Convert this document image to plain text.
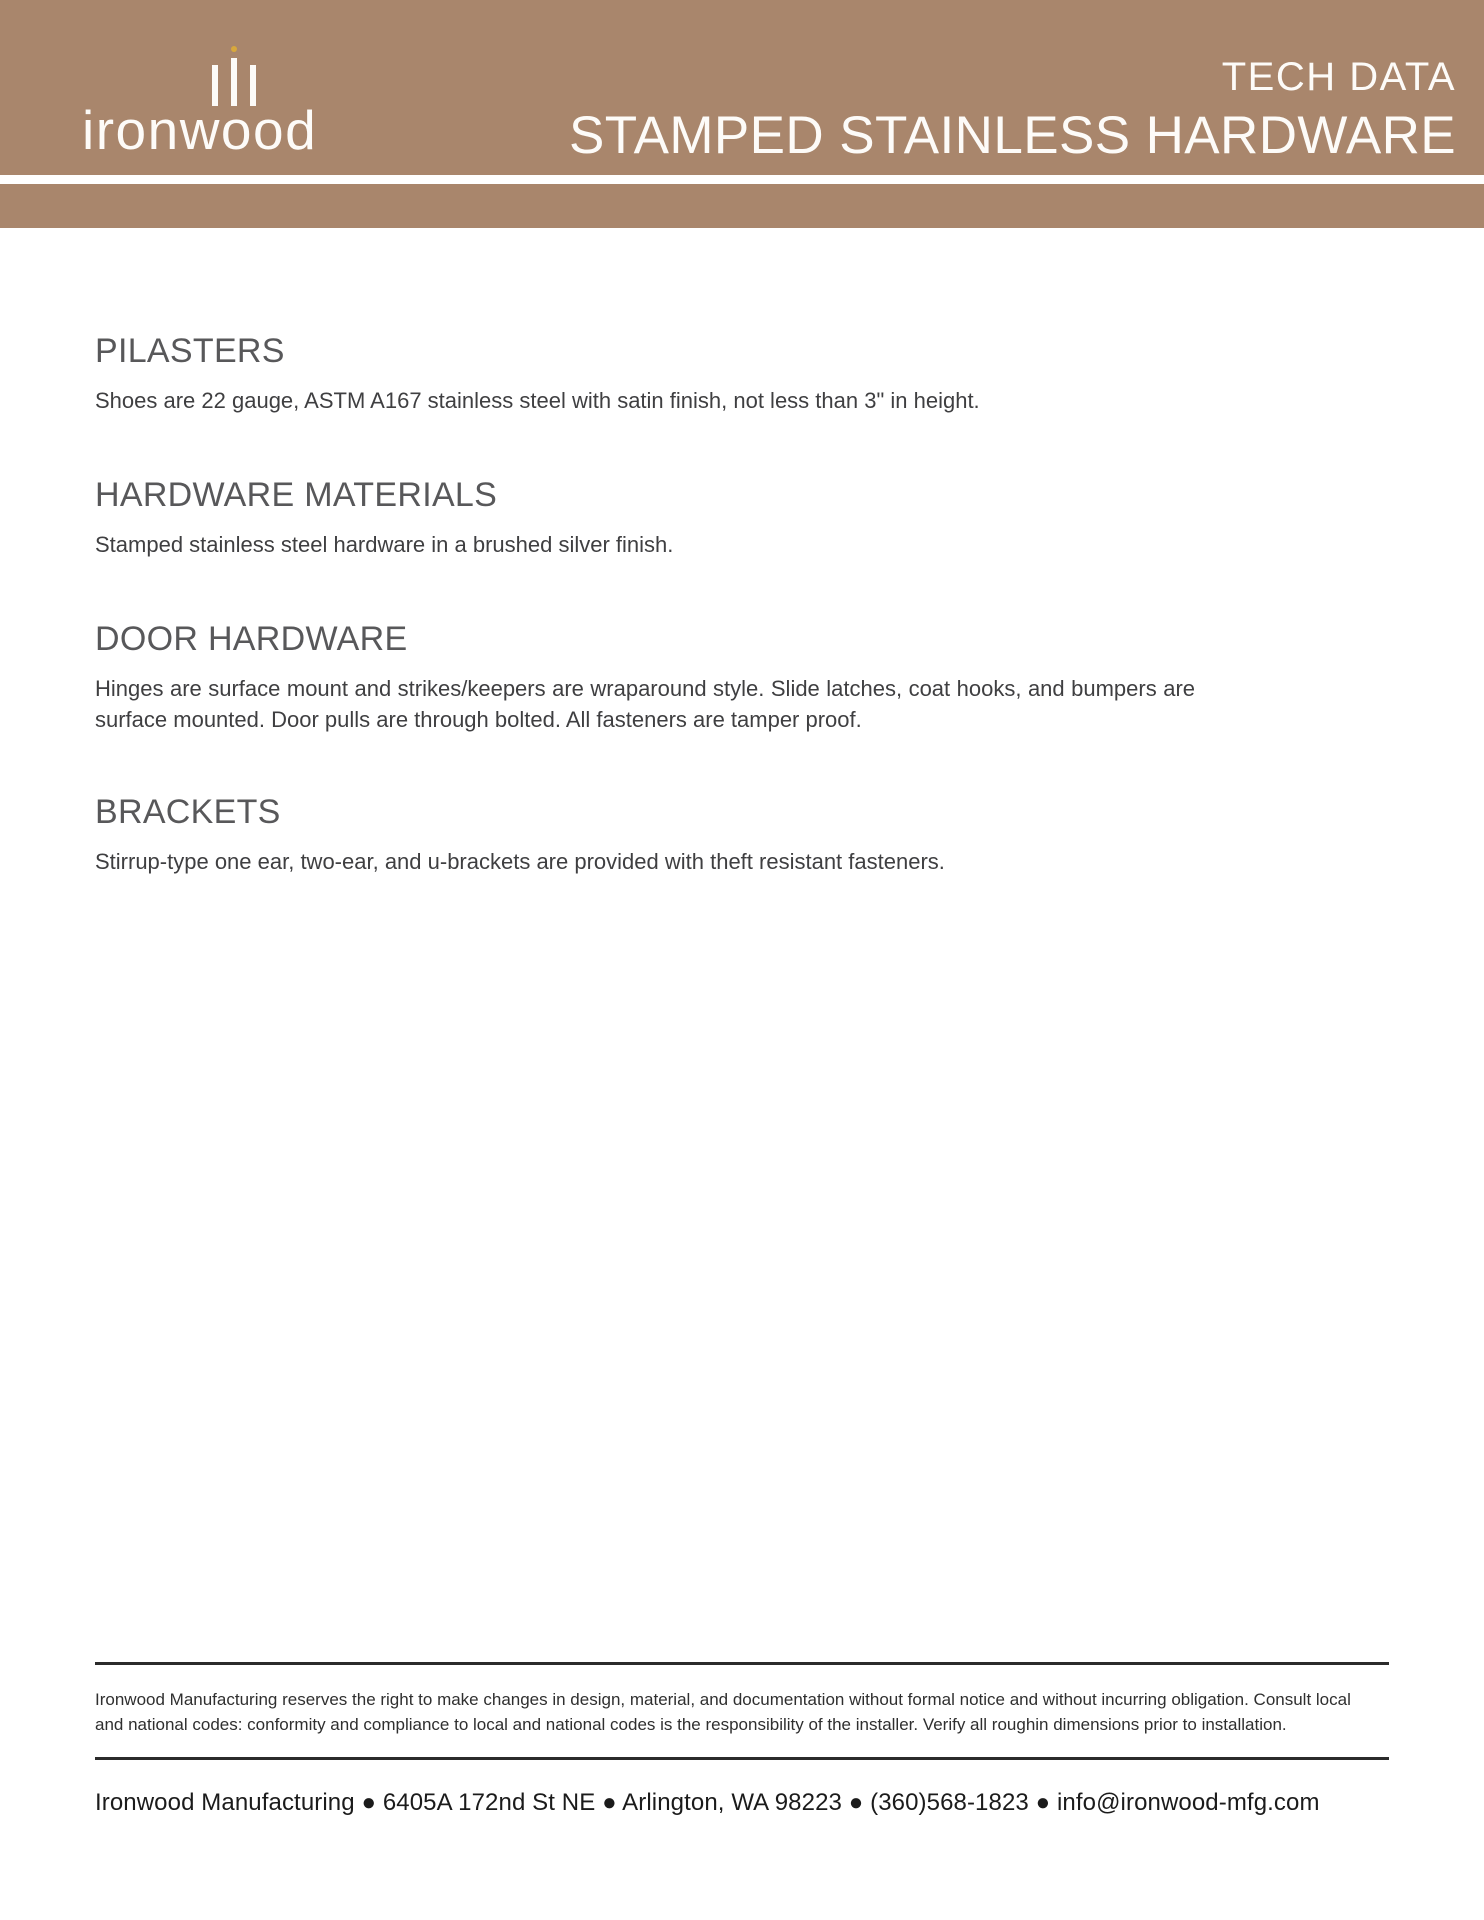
ironwood
TECH DATA
STAMPED STAINLESS HARDWARE
PILASTERS

Shoes are 22 gauge, ASTM A167 stainless steel with satin finish, not less than 3" in height.

HARDWARE MATERIALS

Stamped stainless steel hardware in a brushed silver finish.

DOOR HARDWARE

Hinges are surface mount and strikes/keepers are wraparound style. Slide latches, coat hooks, and bumpers are surface mounted. Door pulls are through bolted. All fasteners are tamper proof.

BRACKETS

Stirrup-type one ear, two-ear, and u-brackets are provided with theft resistant fasteners.

Ironwood Manufacturing reserves the right to make changes in design, material, and documentation without formal notice and without incurring obligation. Consult local and national codes: conformity and compliance to local and national codes is the responsibility of the installer. Verify all roughin dimensions prior to installation.

Ironwood Manufacturing ● 6405A 172nd St NE ● Arlington, WA 98223 ● (360)568-1823 ● info@ironwood-mfg.com
